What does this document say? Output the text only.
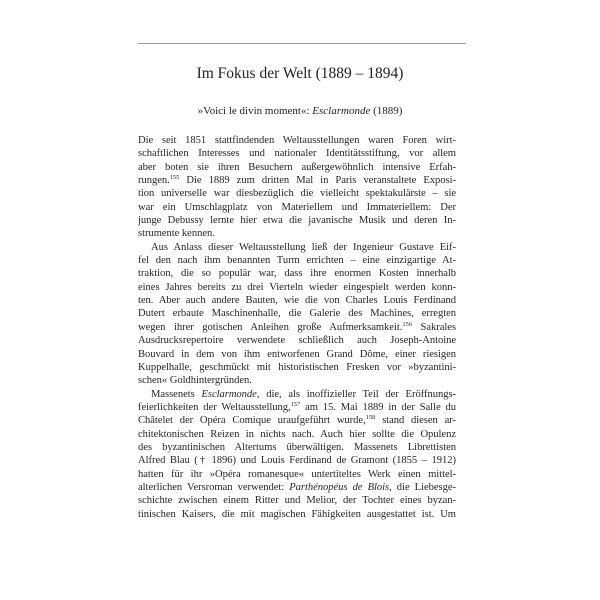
Im Fokus der Welt (1889 – 1894)
»Voici le divin moment«: Esclarmonde (1889)
Die seit 1851 stattfindenden Weltausstellungen waren Foren wirt-
schaftlichen Interesses und nationaler Identitätsstiftung, vor allem
aber boten sie ihren Besuchern außergewöhnlich intensive Erfah-
rungen.$^{155}$ Die 1889 zum dritten Mal in Paris veranstaltete Exposi-
tion universelle war diesbezüglich die vielleicht spektakulärste – sie
war ein Umschlagplatz von Materiellem und Immateriellem: Der
junge Debussy lernte hier etwa die javanische Musik und deren In-
strumente kennen.
Aus Anlass dieser Weltausstellung ließ der Ingenieur Gustave Eif-
fel den nach ihm benannten Turm errichten – eine einzigartige At-
traktion, die so populär war, dass ihre enormen Kosten innerhalb
eines Jahres bereits zu drei Vierteln wieder eingespielt werden konn-
ten. Aber auch andere Bauten, wie die von Charles Louis Ferdinand
Dutert erbaute Maschinenhalle, die Galerie des Machines, erregten
wegen ihrer gotischen Anleihen große Aufmerksamkeit.$^{156}$ Sakrales
Ausdrucksrepertoire verwendete schließlich auch Joseph-Antoine
Bouvard in dem von ihm entworfenen Grand Dôme, einer riesigen
Kuppelhalle, geschmückt mit historistischen Fresken vor »byzantini-
schen« Goldhintergründen.
Massenets Esclarmonde, die, als inoffizieller Teil der Eröffnungs-
feierlichkeiten der Weltausstellung,$^{157}$ am 15. Mai 1889 in der Salle du
Châtelet der Opéra Comique uraufgeführt wurde,$^{158}$ stand diesen ar-
chitektonischen Reizen in nichts nach. Auch hier sollte die Opulenz
des byzantinischen Altertums überwältigen. Massenets Librettisten
Alfred Blau († 1896) und Louis Ferdinand de Gramont (1855 – 1912)
hatten für ihr »Opéra romanesque« untertiteltes Werk einen mittel-
alterlichen Versroman verwendet: Parthénopéus de Blois, die Liebesge-
schichte zwischen einem Ritter und Melior, der Tochter eines byzan-
tinischen Kaisers, die mit magischen Fähigkeiten ausgestattet ist. Um
